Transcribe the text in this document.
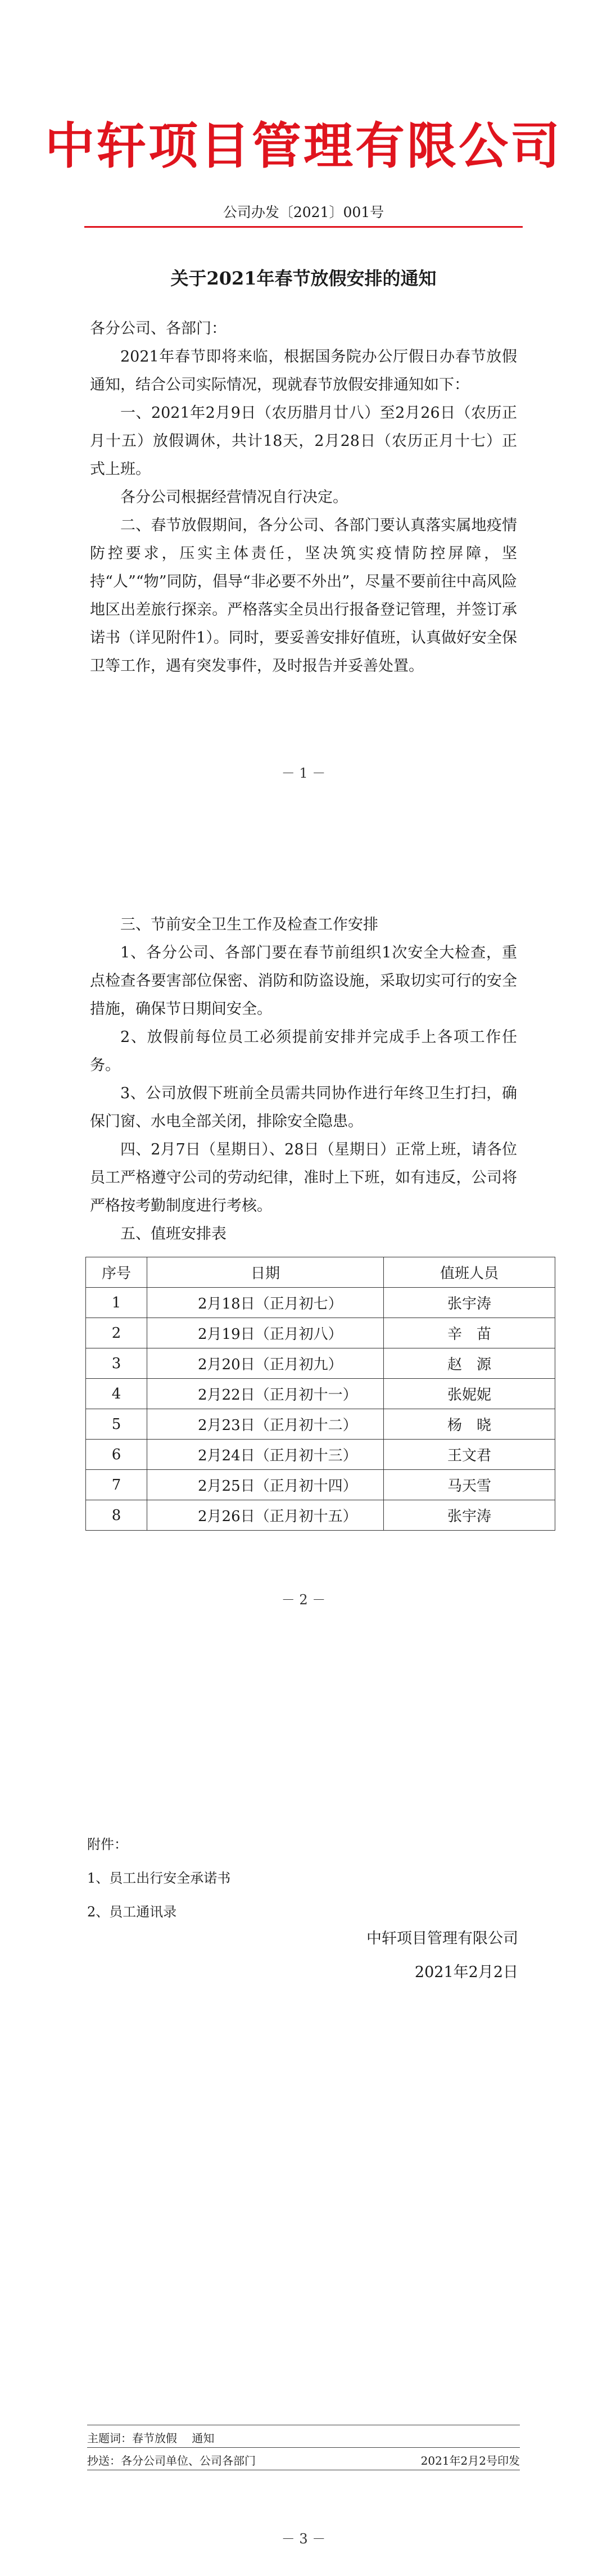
中轩项目管理有限公司
公司办发〔2021〕001号
关于2021年春节放假安排的通知

各分公司、各部门：

2021年春节即将来临，根据国务院办公厅假日办春节放假通知，结合公司实际情况，现就春节放假安排通知如下：

一、2021年2月9日（农历腊月廿八）至2月26日（农历正月十五）放假调休，共计18天，2月28日（农历正月十七）正式上班。

各分公司根据经营情况自行决定。

二、春节放假期间，各分公司、各部门要认真落实属地疫情防控要求，压实主体责任，坚决筑实疫情防控屏障，坚持“人”“物”同防，倡导“非必要不外出”，尽量不要前往中高风险地区出差旅行探亲。严格落实全员出行报备登记管理，并签订承诺书（详见附件1）。同时，要妥善安排好值班，认真做好安全保卫等工作，遇有突发事件，及时报告并妥善处置。

－ 1 －

三、节前安全卫生工作及检查工作安排

1、各分公司、各部门要在春节前组织1次安全大检查，重点检查各要害部位保密、消防和防盗设施，采取切实可行的安全措施，确保节日期间安全。

2、放假前每位员工必须提前安排并完成手上各项工作任务。

3、公司放假下班前全员需共同协作进行年终卫生打扫，确保门窗、水电全部关闭，排除安全隐患。

四、2月7日（星期日）、28日（星期日）正常上班，请各位员工严格遵守公司的劳动纪律，准时上下班，如有违反，公司将严格按考勤制度进行考核。

五、值班安排表

序号	日期	值班人员
1	2月18日（正月初七）	张宇涛
2	2月19日（正月初八）	辛　苗
3	2月20日（正月初九）	赵　源
4	2月22日（正月初十一）	张妮妮
5	2月23日（正月初十二）	杨　晓
6	2月24日（正月初十三）	王文君
7	2月25日（正月初十四）	马天雪
8	2月26日（正月初十五）	张宇涛
－ 2 －
附件：
1、员工出行安全承诺书
2、员工通讯录
中轩项目管理有限公司
2021年2月2日
主题词：春节放假　 通知
抄送：各分公司单位、公司各部门	2021年2月2号印发
－ 3 －
